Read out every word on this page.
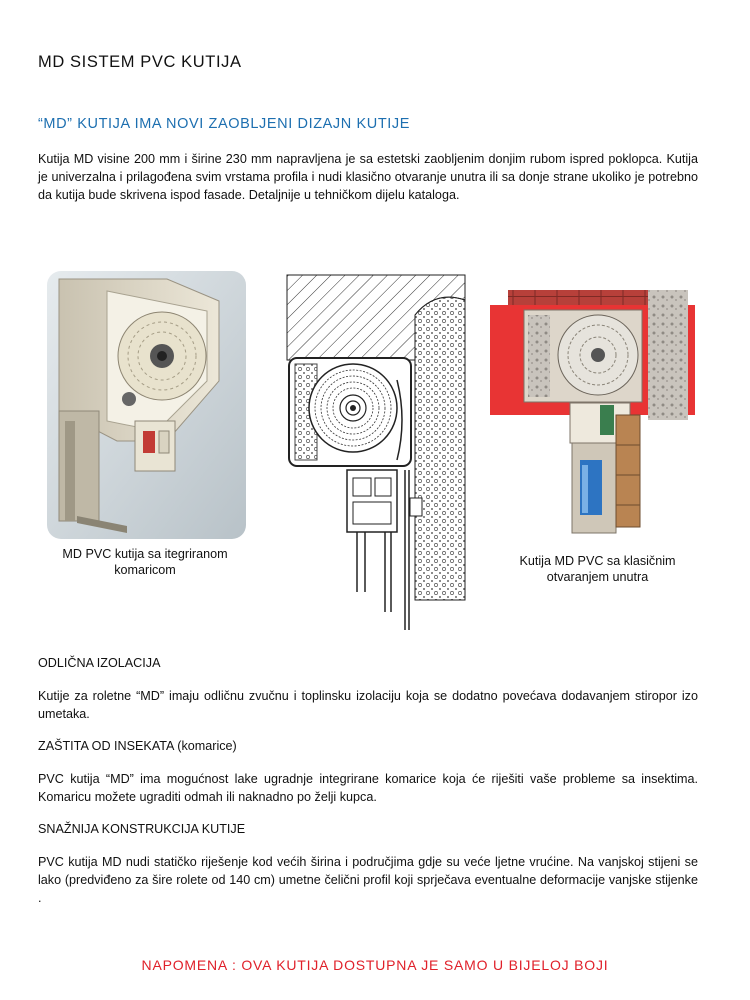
MD SISTEM PVC KUTIJA
“MD” KUTIJA IMA NOVI ZAOBLJENI DIZAJN KUTIJE
Kutija MD visine 200 mm i širine 230 mm napravljena je sa estetski zaobljenim donjim rubom ispred poklopca. Kutija je univerzalna i prilagođena svim vrstama profila i nudi klasično otvaranje unutra ili sa donje strane ukoliko je potrebno da kutija bude skrivena ispod fasade. Detaljnije u tehničkom dijelu kataloga.
MD PVC kutija sa itegriranom
komaricom
Kutija MD PVC sa klasičnim
otvaranjem unutra
ODLIČNA IZOLACIJA
Kutije za roletne “MD” imaju odličnu zvučnu i toplinsku izolaciju koja se dodatno povećava dodavanjem stiropor izo umetaka.
ZAŠTITA OD INSEKATA (komarice)
PVC kutija “MD” ima mogućnost lake ugradnje integrirane komarice koja će riješiti vaše probleme sa insektima. Komaricu možete ugraditi odmah ili naknadno po želji kupca.
SNAŽNIJA KONSTRUKCIJA KUTIJE
PVC kutija MD nudi statičko riješenje kod većih širina i područjima gdje su veće ljetne vrućine. Na vanjskoj stijeni se lako (predviđeno za šire rolete od 140 cm) umetne čelični profil koji sprječava eventualne deformacije vanjske stijenke .
NAPOMENA : OVA KUTIJA DOSTUPNA JE SAMO U BIJELOJ BOJI
